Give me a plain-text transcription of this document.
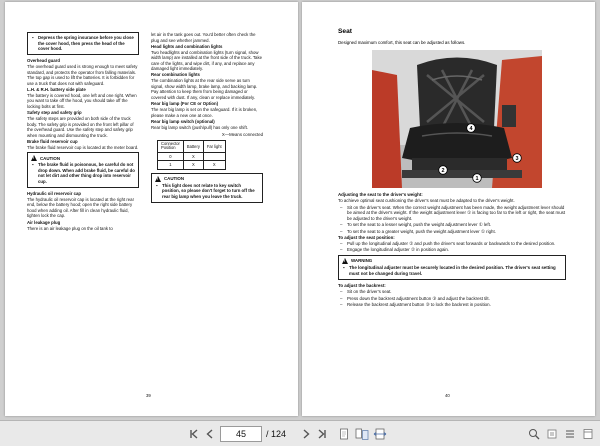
▪ Depress the spring insurance before you close the cover hood, then press the head of the cover hood.

Overhead guard

The overhead guard used is strong enough to meet safety standard, and protects the operator from falling materials. The top gap is used to lift the batteries. It is forbidden for use a truck that does not with safeguard.

L.H. & R.H. battery side plate

The battery is covered hood, one left and one right. When you want to take off the hood, you should take off the locking bolts at first.

Safety step and safety grip

The safety steps are provided on both side of the truck body. The safety grip is provided on the front left pillar of the overhead guard. Use the safety step and safety grip when mounting and dismounting the truck.

Brake fluid reservoir cup

The brake fluid reservoir cup is located at the meter board.

!
CAUTION
▪ The brake fluid is poisonous, be careful do not drop down. When add brake fluid, be careful do not let dirt and other thing drop into reservoir cup.

Hydraulic oil reservoir cap

The hydraulic oil reservoir cap is located at the right rear end, below the battery hood; open the right side battery hood when adding oil. After fill in clean hydraulic fluid, tighten lock the cap.

Air leakage plug

There is an air leakage plug on the oil tank to

let air in the tank goes out. You'd better often check the plug and see whether jammed.

Head lights and combination lights

Two headlights and combination lights (turn signal, show width lamp) are installed at the front side of the truck. Take care of the lights, and wipe dirt, if any, and replace any damaged light immediately.

Rear combination lights

The combination lights at the rear side serve as turn signal, show width lamp, brake lamp, and backing lamp. Pay attention to keep them from being damaged or covered with dust. If any, clean or replace immediately.

Rear big lamp (For CE or Option)

The rear big lamp is set on the safeguard. If it is broken, please make a new one at once.

Rear big lamp switch (optional)

Rear big lamp switch (push/pull) has only one shift.

X—Means connected

Connector
Position	Battery	Far light
0	X	
1	X	X
!
CAUTION
▪ This light does not relate to key switch position, so please don't forget to turn off the rear big lamp when you leave the truck.
39
Seat
Designed maximum comfort, this seat can be adjusted as follows.
4
2
3
1

Adjusting the seat to the driver's weight:

To achieve optimal seat cushioning the driver's seat must be adapted to the driver's weight.

– Sit on the driver's seat. When the correct weight adjustment has been made, the weight adjustment lever should be aimed at the driver's weight. If the weight adjustment lever ① is facing too far to the left or right, the seat must be adjusted to the driver's weight.
– To set the seat to a lesser weight, push the weight adjustment lever ① left.
– To set the seat to a greater weight, push the weight adjustment lever ① right.

To adjust the seat position:

– Pull up the longitudinal adjuster ② and push the driver's seat forwards or backwards to the desired position.
– Engage the longitudinal adjuster ② in position again.
!
WARNING
▪ The longitudinal adjuster must be securely located in the desired position. The driver's seat setting must not be changed during travel.

To adjust the backrest:

– Sit on the driver's seat.
– Press down the backrest adjustment button ③ and adjust the backrest tilt.
– Release the backrest adjustment button ③ to lock the backrest in position.
40
45	/ 124
